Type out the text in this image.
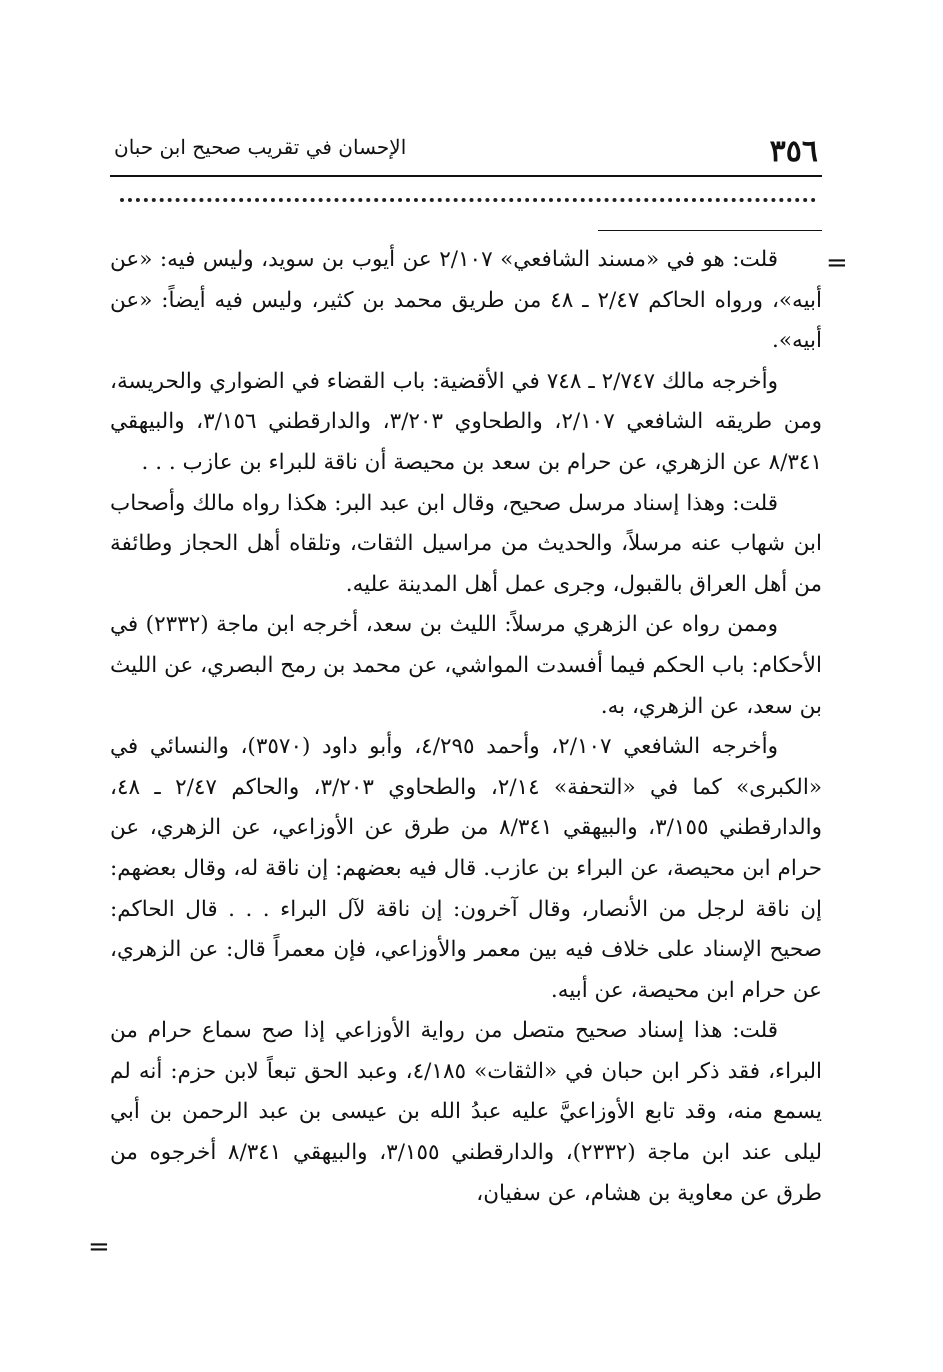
٣٥٦
الإحسان في تقريب صحيح ابن حبان
=
=

قلت: هو في «مسند الشافعي» ٢/١٠٧ عن أيوب بن سويد، وليس فيه: «عن أبيه»، ورواه الحاكم ٢/٤٧ ـ ٤٨ من طريق محمد بن كثير، وليس فيه أيضاً: «عن أبيه».

وأخرجه مالك ٢/٧٤٧ ـ ٧٤٨ في الأقضية: باب القضاء في الضواري والحريسة، ومن طريقه الشافعي ٢/١٠٧، والطحاوي ٣/٢٠٣، والدارقطني ٣/١٥٦، والبيهقي ٨/٣٤١ عن الزهري، عن حرام بن سعد بن محيصة أن ناقة للبراء بن عازب . . .

قلت: وهذا إسناد مرسل صحيح، وقال ابن عبد البر: هكذا رواه مالك وأصحاب ابن شهاب عنه مرسلاً، والحديث من مراسيل الثقات، وتلقاه أهل الحجاز وطائفة من أهل العراق بالقبول، وجرى عمل أهل المدينة عليه.

وممن رواه عن الزهري مرسلاً: الليث بن سعد، أخرجه ابن ماجة (٢٣٣٢) في الأحكام: باب الحكم فيما أفسدت المواشي، عن محمد بن رمح البصري، عن الليث بن سعد، عن الزهري، به.

وأخرجه الشافعي ٢/١٠٧، وأحمد ٤/٢٩٥، وأبو داود (٣٥٧٠)، والنسائي في «الكبرى» كما في «التحفة» ٢/١٤، والطحاوي ٣/٢٠٣، والحاكم ٢/٤٧ ـ ٤٨، والدارقطني ٣/١٥٥، والبيهقي ٨/٣٤١ من طرق عن الأوزاعي، عن الزهري، عن حرام ابن محيصة، عن البراء بن عازب. قال فيه بعضهم: إن ناقة له، وقال بعضهم: إن ناقة لرجل من الأنصار، وقال آخرون: إن ناقة لآل البراء . . . قال الحاكم: صحيح الإسناد على خلاف فيه بين معمر والأوزاعي، فإن معمراً قال: عن الزهري، عن حرام ابن محيصة، عن أبيه.

قلت: هذا إسناد صحيح متصل من رواية الأوزاعي إذا صح سماع حرام من البراء، فقد ذكر ابن حبان في «الثقات» ٤/١٨٥، وعبد الحق تبعاً لابن حزم: أنه لم يسمع منه، وقد تابع الأوزاعيَّ عليه عبدُ الله بن عيسى بن عبد الرحمن بن أبي ليلى عند ابن ماجة (٢٣٣٢)، والدارقطني ٣/١٥٥، والبيهقي ٨/٣٤١ أخرجوه من طرق عن معاوية بن هشام، عن سفيان،
